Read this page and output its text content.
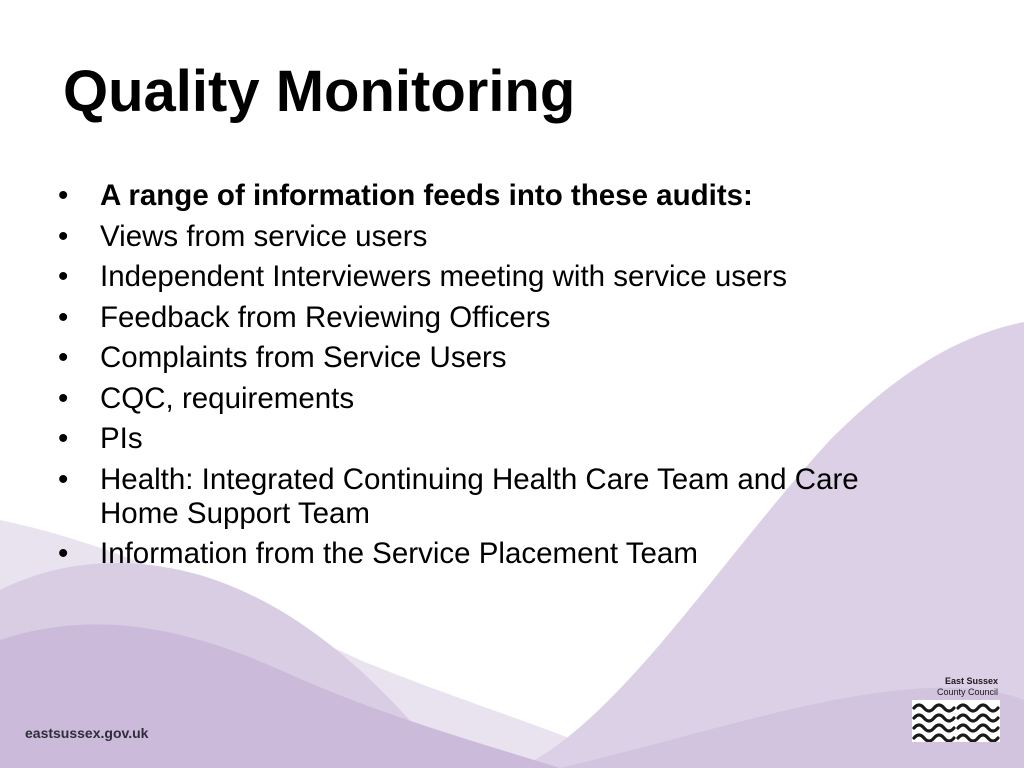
Quality Monitoring
•	A range of information feeds into these audits:
•	Views from service users
•	Independent Interviewers meeting with service users
•	Feedback from Reviewing Officers
•	Complaints from Service Users
•	CQC, requirements
•	PIs
•	Health: Integrated Continuing Health Care Team and Care Home Support Team
•	Information from the Service Placement Team
eastsussex.gov.uk
East Sussex
County Council
